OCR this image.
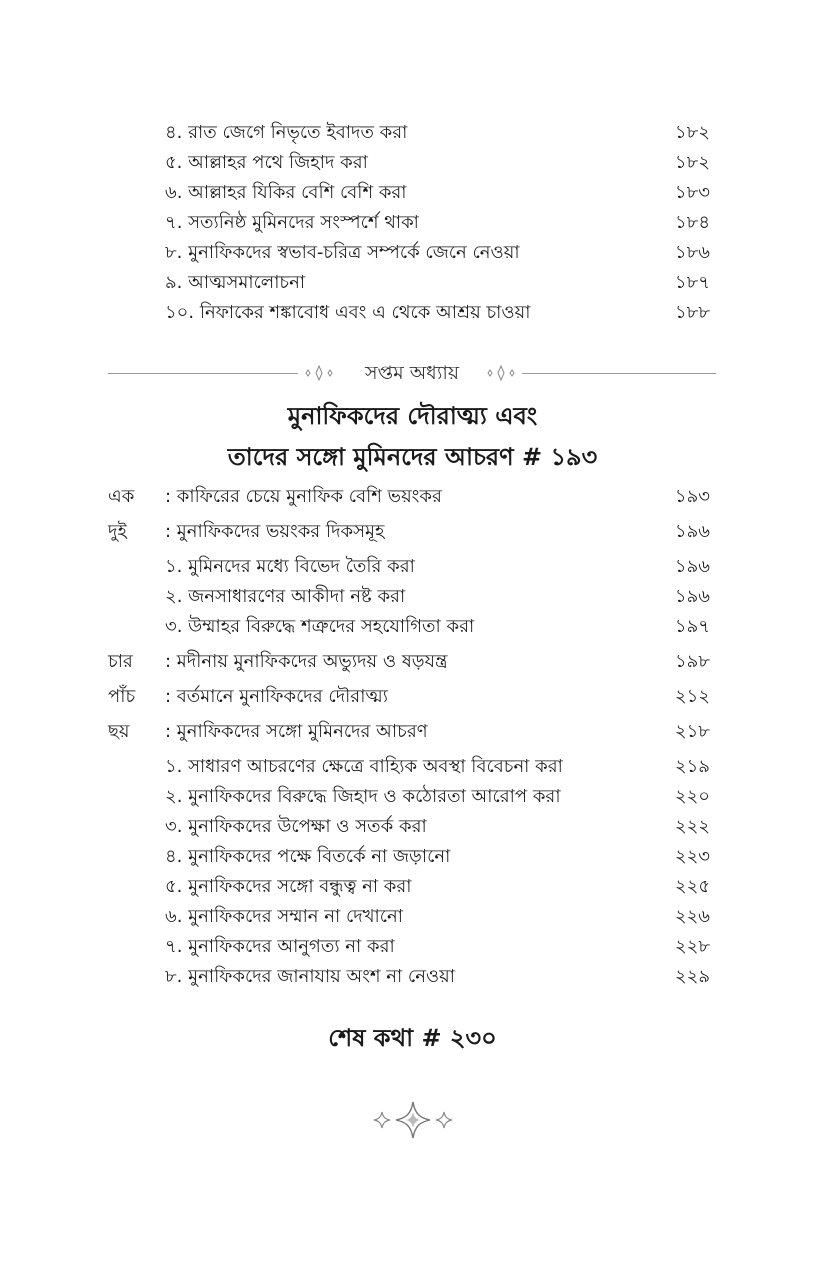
৪. রাত জেগে নিভৃতে ইবাদত করা	১৮২
৫. আল্লাহর পথে জিহাদ করা	১৮২
৬. আল্লাহর যিকির বেশি বেশি করা	১৮৩
৭. সত্যনিষ্ঠ মুমিনদের সংস্পর্শে থাকা	১৮৪
৮. মুনাফিকদের স্বভাব-চরিত্র সম্পর্কে জেনে নেওয়া	১৮৬
৯. আত্মসমালোচনা	১৮৭
১০. নিফাকের শঙ্কাবোধ এবং এ থেকে আশ্রয় চাওয়া	১৮৮
সপ্তম অধ্যায়
মুনাফিকদের দৌরাত্ম্য এবং
তাদের সঙ্গো মুমিনদের আচরণ # ১৯৩
এক : কাফিরের চেয়ে মুনাফিক বেশি ভয়ংকর	১৯৩
দুই : মুনাফিকদের ভয়ংকর দিকসমূহ	১৯৬
১. মুমিনদের মধ্যে বিভেদ তৈরি করা	১৯৬
২. জনসাধারণের আকীদা নষ্ট করা	১৯৬
৩. উম্মাহর বিরুদ্ধে শত্রুদের সহযোগিতা করা	১৯৭
চার : মদীনায় মুনাফিকদের অভ্যুদয় ও ষড়যন্ত্র	১৯৮
পাঁচ : বর্তমানে মুনাফিকদের দৌরাত্ম্য	২১২
ছয় : মুনাফিকদের সঙ্গো মুমিনদের আচরণ	২১৮
১. সাধারণ আচরণের ক্ষেত্রে বাহ্যিক অবস্থা বিবেচনা করা	২১৯
২. মুনাফিকদের বিরুদ্ধে জিহাদ ও কঠোরতা আরোপ করা	২২০
৩. মুনাফিকদের উপেক্ষা ও সতর্ক করা	২২২
৪. মুনাফিকদের পক্ষে বিতর্কে না জড়ানো	২২৩
৫. মুনাফিকদের সঙ্গো বন্ধুত্ব না করা	২২৫
৬. মুনাফিকদের সম্মান না দেখানো	২২৬
৭. মুনাফিকদের আনুগত্য না করা	২২৮
৮. মুনাফিকদের জানাযায় অংশ না নেওয়া	২২৯
শেষ কথা # ২৩০
